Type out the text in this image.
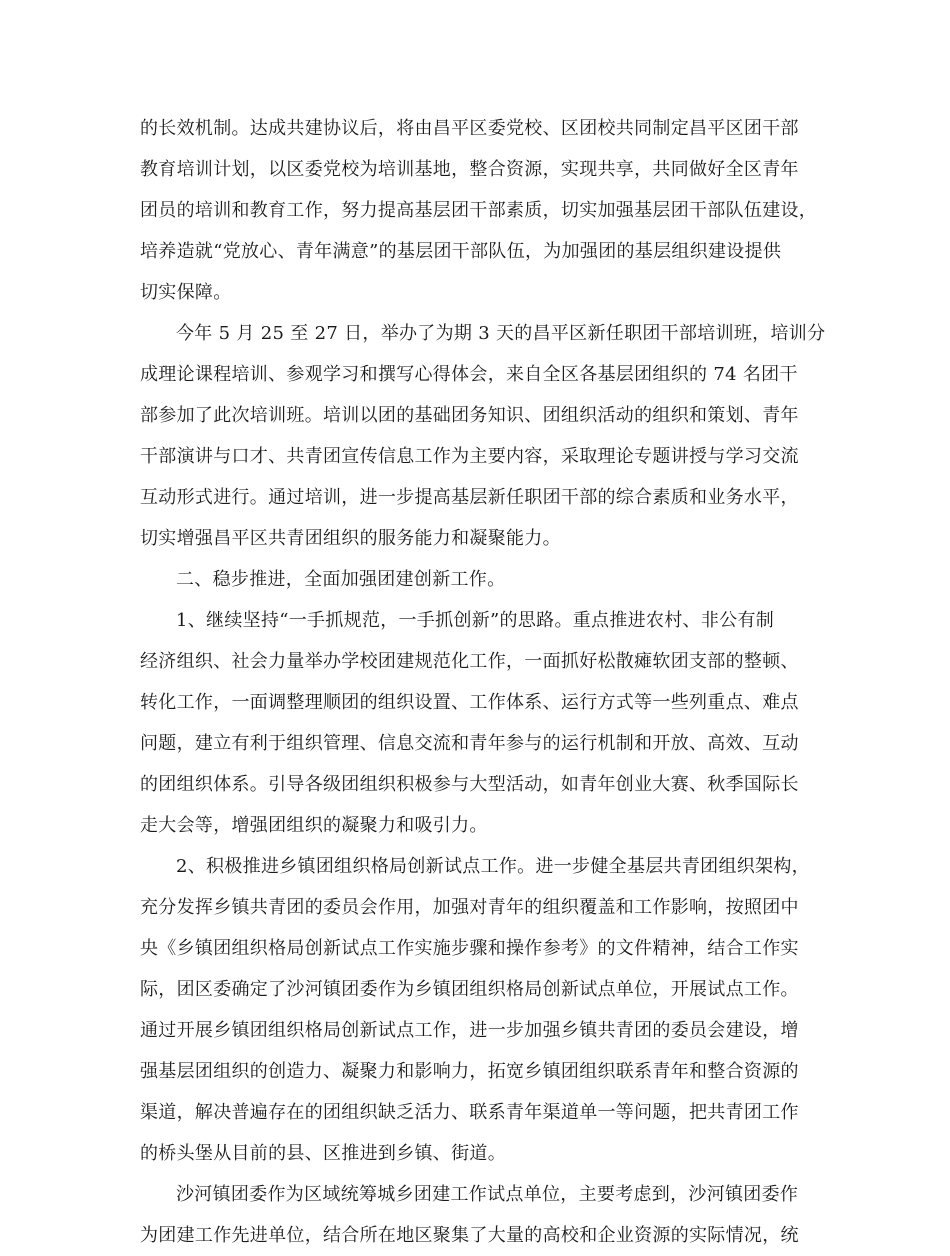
的长效机制。达成共建协议后，将由昌平区委党校、区团校共同制定昌平区团干部
教育培训计划，以区委党校为培训基地，整合资源，实现共享，共同做好全区青年
团员的培训和教育工作，努力提高基层团干部素质，切实加强基层团干部队伍建设，
培养造就“党放心、青年满意”的基层团干部队伍，为加强团的基层组织建设提供
切实保障。
今年 5 月 25 至 27 日，举办了为期 3 天的昌平区新任职团干部培训班，培训分
成理论课程培训、参观学习和撰写心得体会，来自全区各基层团组织的 74 名团干
部参加了此次培训班。培训以团的基础团务知识、团组织活动的组织和策划、青年
干部演讲与口才、共青团宣传信息工作为主要内容，采取理论专题讲授与学习交流
互动形式进行。通过培训，进一步提高基层新任职团干部的综合素质和业务水平，
切实增强昌平区共青团组织的服务能力和凝聚能力。
二、稳步推进，全面加强团建创新工作。
1、继续坚持“一手抓规范，一手抓创新”的思路。重点推进农村、非公有制
经济组织、社会力量举办学校团建规范化工作，一面抓好松散瘫软团支部的整顿、
转化工作，一面调整理顺团的组织设置、工作体系、运行方式等一些列重点、难点
问题，建立有利于组织管理、信息交流和青年参与的运行机制和开放、高效、互动
的团组织体系。引导各级团组织积极参与大型活动，如青年创业大赛、秋季国际长
走大会等，增强团组织的凝聚力和吸引力。
2、积极推进乡镇团组织格局创新试点工作。进一步健全基层共青团组织架构，
充分发挥乡镇共青团的委员会作用，加强对青年的组织覆盖和工作影响，按照团中
央《乡镇团组织格局创新试点工作实施步骤和操作参考》的文件精神，结合工作实
际，团区委确定了沙河镇团委作为乡镇团组织格局创新试点单位，开展试点工作。
通过开展乡镇团组织格局创新试点工作，进一步加强乡镇共青团的委员会建设，增
强基层团组织的创造力、凝聚力和影响力，拓宽乡镇团组织联系青年和整合资源的
渠道，解决普遍存在的团组织缺乏活力、联系青年渠道单一等问题，把共青团工作
的桥头堡从目前的县、区推进到乡镇、街道。
沙河镇团委作为区域统筹城乡团建工作试点单位，主要考虑到，沙河镇团委作
为团建工作先进单位，结合所在地区聚集了大量的高校和企业资源的实际情况，统
